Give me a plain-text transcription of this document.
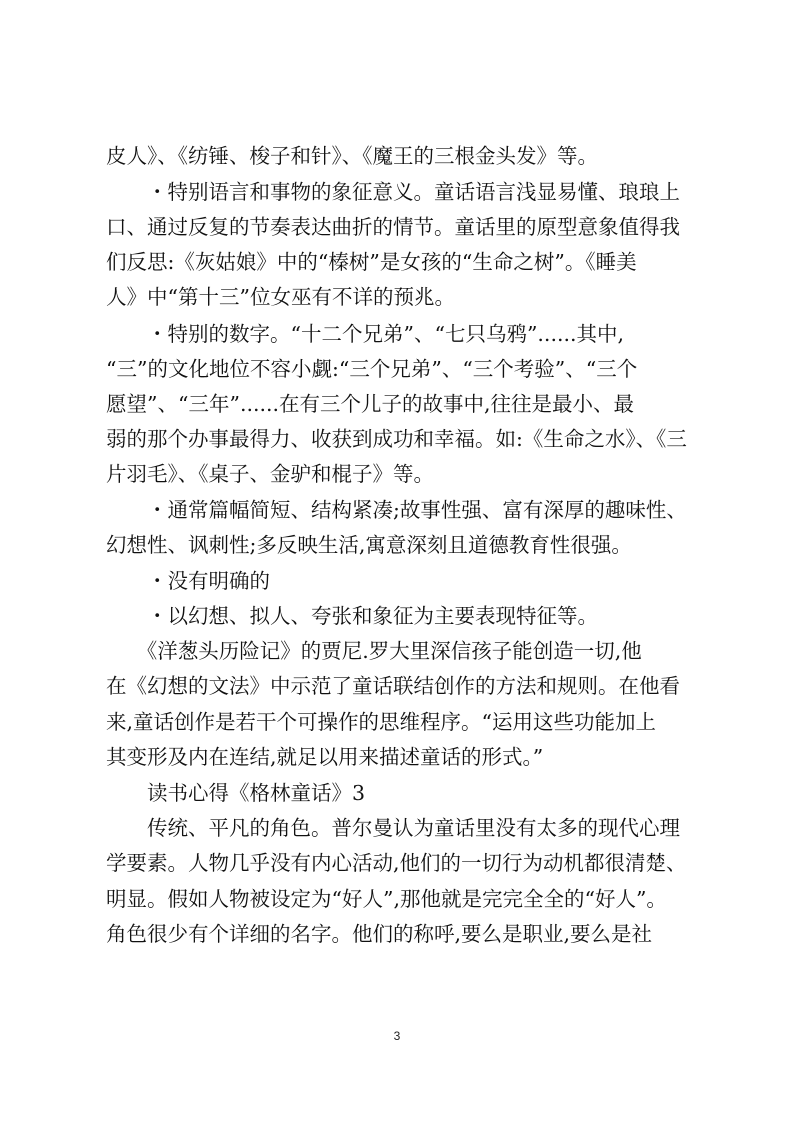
皮人》、《纺锤、梭子和针》、《魔王的三根金头发》等。
　　・特别语言和事物的象征意义。童话语言浅显易懂、琅琅上
口、通过反复的节奏表达曲折的情节。童话里的原型意象值得我
们反思:《灰姑娘》中的“榛树”是女孩的“生命之树”。《睡美
人》中“第十三”位女巫有不详的预兆。
　　・特别的数字。“十二个兄弟”、“七只乌鸦”......其中,
“三”的文化地位不容小觑:“三个兄弟”、“三个考验”、“三个
愿望”、“三年”......在有三个儿子的故事中,往往是最小、最
弱的那个办事最得力、收获到成功和幸福。如:《生命之水》、《三
片羽毛》、《桌子、金驴和棍子》等。
　　・通常篇幅简短、结构紧凑;故事性强、富有深厚的趣味性、
幻想性、讽刺性;多反映生活,寓意深刻且道德教育性很强。
　　・没有明确的
　　・以幻想、拟人、夸张和象征为主要表现特征等。
　　《洋葱头历险记》的贾尼.罗大里深信孩子能创造一切,他
在《幻想的文法》中示范了童话联结创作的方法和规则。在他看
来,童话创作是若干个可操作的思维程序。“运用这些功能加上
其变形及内在连结,就足以用来描述童话的形式。”
　　读书心得《格林童话》3
　　传统、平凡的角色。普尔曼认为童话里没有太多的现代心理
学要素。人物几乎没有内心活动,他们的一切行为动机都很清楚、
明显。假如人物被设定为“好人”,那他就是完完全全的“好人”。
角色很少有个详细的名字。他们的称呼,要么是职业,要么是社
3
